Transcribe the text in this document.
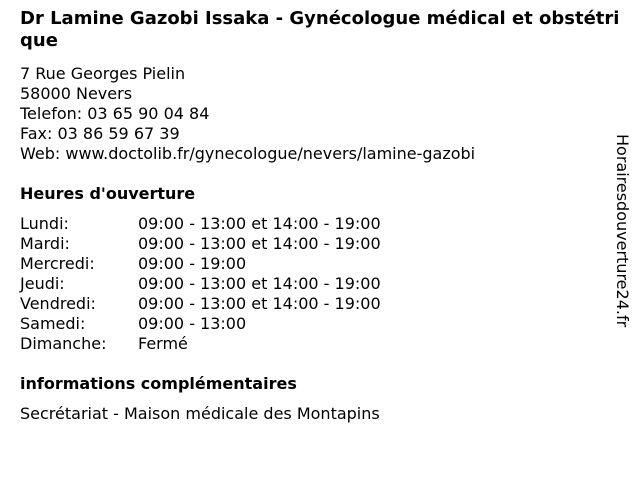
Dr Lamine Gazobi Issaka - Gynécologue médical et obstétrique
7 Rue Georges Pielin
58000 Nevers
Telefon: 03 65 90 04 84
Fax: 03 86 59 67 39
Web: www.doctolib.fr/gynecologue/nevers/lamine-gazobi
Heures d'ouverture
Lundi:	09:00 - 13:00 et 14:00 - 19:00
Mardi:	09:00 - 13:00 et 14:00 - 19:00
Mercredi:	09:00 - 19:00
Jeudi:	09:00 - 13:00 et 14:00 - 19:00
Vendredi:	09:00 - 13:00 et 14:00 - 19:00
Samedi:	09:00 - 13:00
Dimanche:	Fermé
informations complémentaires
Secrétariat - Maison médicale des Montapins
Horairesdouverture24.fr
